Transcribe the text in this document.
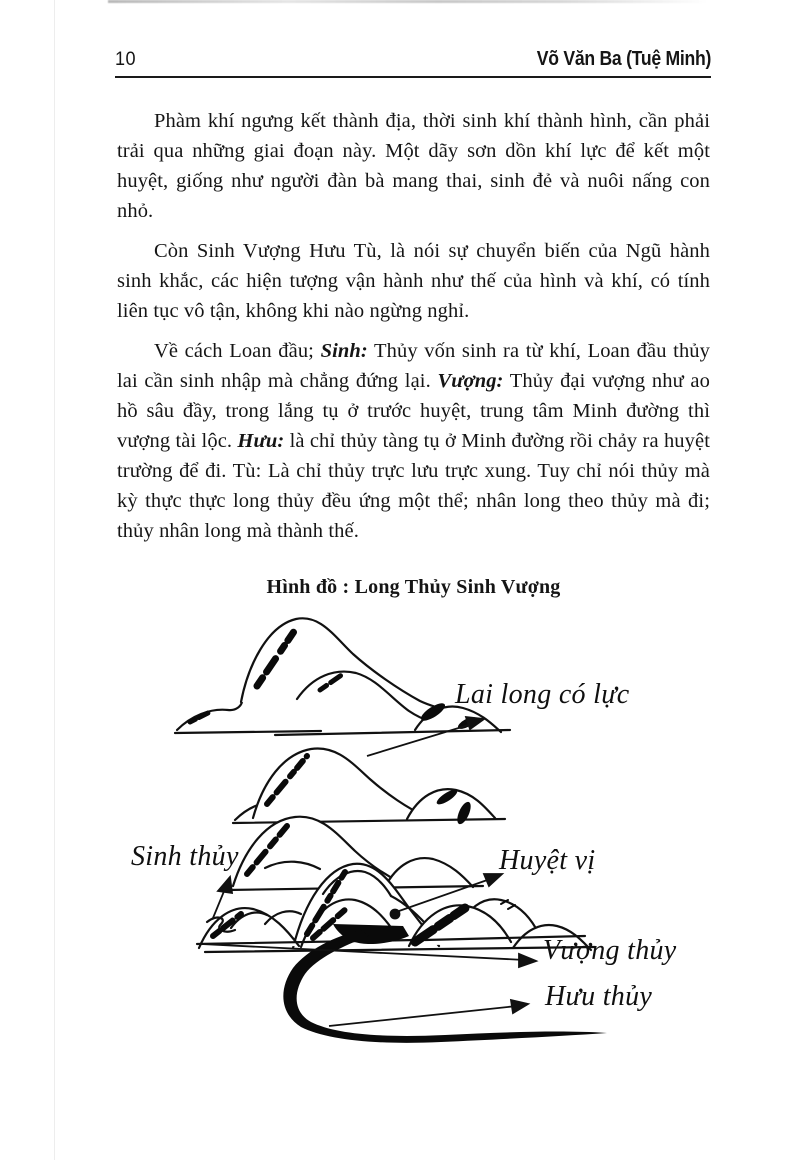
10	Võ Văn Ba (Tuệ Minh)

Phàm khí ngưng kết thành địa, thời sinh khí thành hình, cần phải trải qua những giai đoạn này. Một dãy sơn dồn khí lực để kết một huyệt, giống như người đàn bà mang thai, sinh đẻ và nuôi nấng con nhỏ.

Còn Sinh Vượng Hưu Tù, là nói sự chuyển biến của Ngũ hành sinh khắc, các hiện tượng vận hành như thế của hình và khí, có tính liên tục vô tận, không khi nào ngừng nghỉ.

Về cách Loan đầu; Sinh: Thủy vốn sinh ra từ khí, Loan đầu thủy lai cần sinh nhập mà chẳng đứng lại. Vượng: Thủy đại vượng như ao hồ sâu đầy, trong lắng tụ ở trước huyệt, trung tâm Minh đường thì vượng tài lộc. Hưu: là chỉ thủy tàng tụ ở Minh đường rồi chảy ra huyệt trường để đi. Tù: Là chỉ thủy trực lưu trực xung. Tuy chỉ nói thủy mà kỳ thực thực long thủy đều ứng một thể; nhân long theo thủy mà đi; thủy nhân long mà thành thế.

Hình đồ : Long Thủy Sinh Vượng
Lai long có lực
Sinh thủy	Huyệt vị
Vượng thủy
Hưu thủy
